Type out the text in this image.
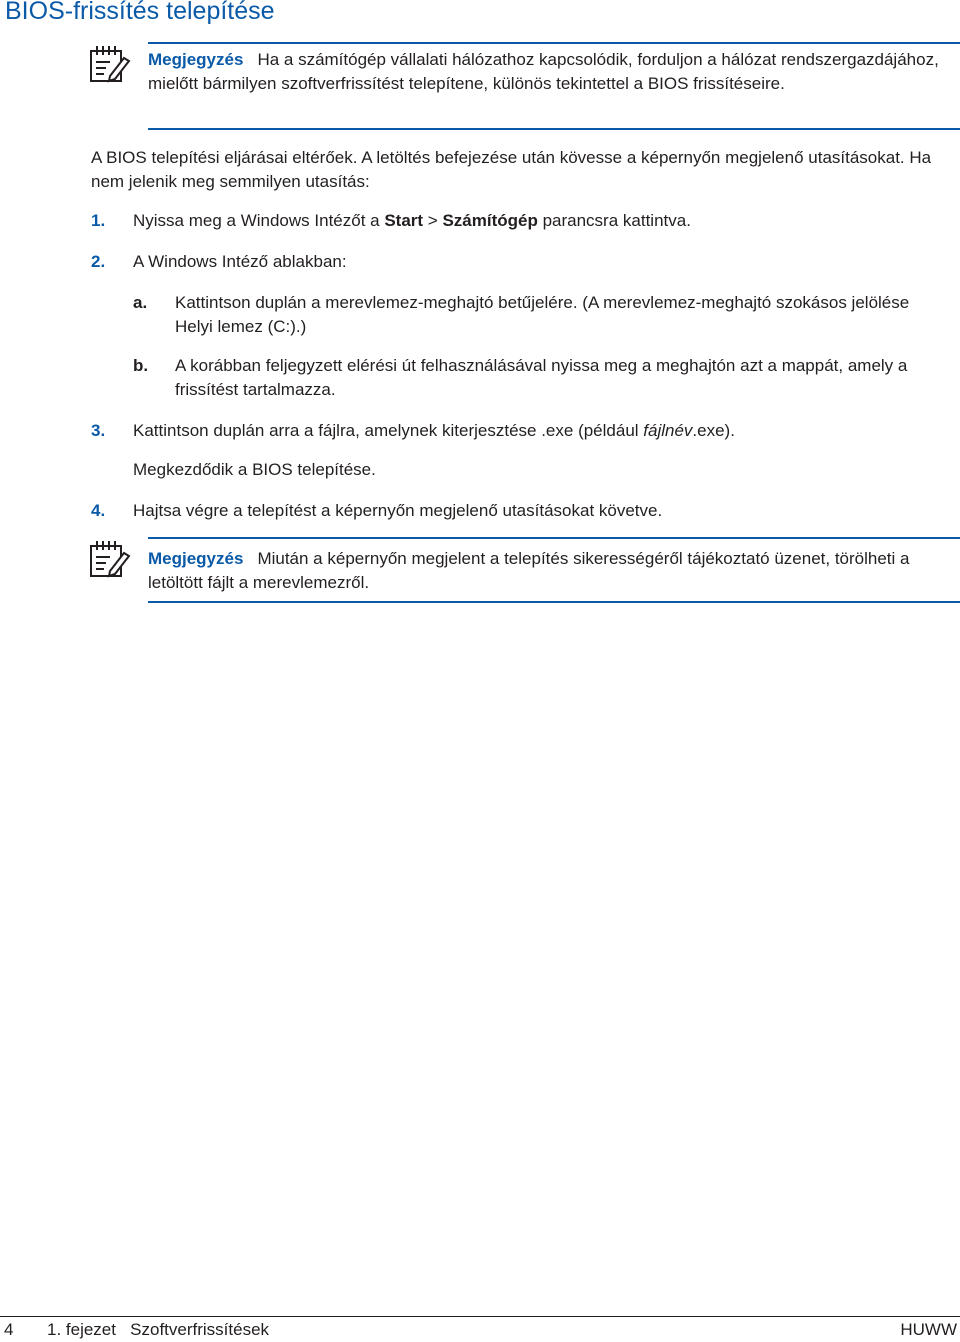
BIOS-frissítés telepítése
Megjegyzés Ha a számítógép vállalati hálózathoz kapcsolódik, forduljon a hálózat rendszergazdájához, mielőtt bármilyen szoftverfrissítést telepítene, különös tekintettel a BIOS frissítéseire.
A BIOS telepítési eljárásai eltérőek. A letöltés befejezése után kövesse a képernyőn megjelenő utasításokat. Ha nem jelenik meg semmilyen utasítás:
1.	Nyissa meg a Windows Intézőt a Start > Számítógép parancsra kattintva.
2.	A Windows Intéző ablakban:
a.	Kattintson duplán a merevlemez-meghajtó betűjelére. (A merevlemez-meghajtó szokásos jelölése Helyi lemez (C:).)
b.	A korábban feljegyzett elérési út felhasználásával nyissa meg a meghajtón azt a mappát, amely a frissítést tartalmazza.
3.	Kattintson duplán arra a fájlra, amelynek kiterjesztése .exe (például fájlnév.exe).
Megkezdődik a BIOS telepítése.
4.	Hajtsa végre a telepítést a képernyőn megjelenő utasításokat követve.
Megjegyzés Miután a képernyőn megjelent a telepítés sikerességéről tájékoztató üzenet, törölheti a letöltött fájlt a merevlemezről.
4 1. fejezet   Szoftverfrissítések	HUWW
